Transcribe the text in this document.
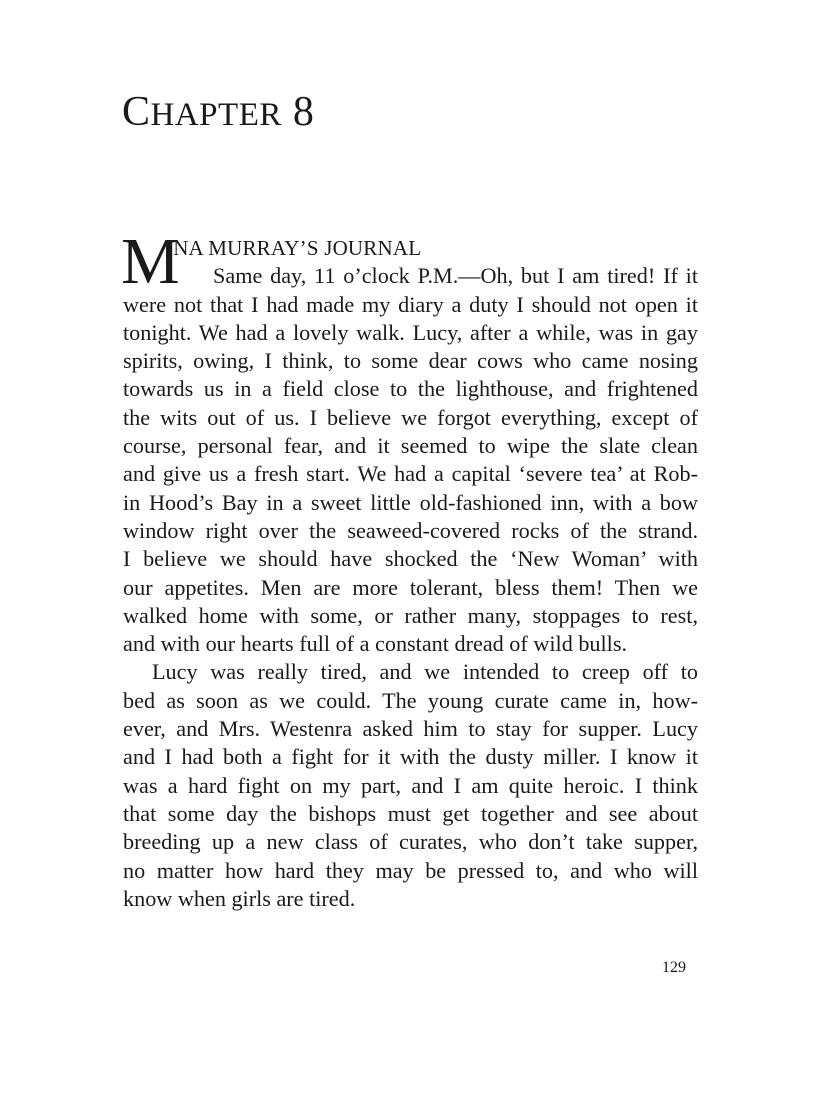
CHAPTER 8
M
INA MURRAY’S JOURNAL
Same day, 11 o’clock P.M.—Oh, but I am tired! If it
were not that I had made my diary a duty I should not open it
tonight. We had a lovely walk. Lucy, after a while, was in gay
spirits, owing, I think, to some dear cows who came nosing
towards us in a field close to the lighthouse, and frightened
the wits out of us. I believe we forgot everything, except of
course, personal fear, and it seemed to wipe the slate clean
and give us a fresh start. We had a capital ‘severe tea’ at Rob-
in Hood’s Bay in a sweet little old-fashioned inn, with a bow
window right over the seaweed-covered rocks of the strand.
I believe we should have shocked the ‘New Woman’ with
our appetites. Men are more tolerant, bless them! Then we
walked home with some, or rather many, stoppages to rest,
and with our hearts full of a constant dread of wild bulls.
Lucy was really tired, and we intended to creep off to
bed as soon as we could. The young curate came in, how-
ever, and Mrs. Westenra asked him to stay for supper. Lucy
and I had both a fight for it with the dusty miller. I know it
was a hard fight on my part, and I am quite heroic. I think
that some day the bishops must get together and see about
breeding up a new class of curates, who don’t take supper,
no matter how hard they may be pressed to, and who will
know when girls are tired.
129
